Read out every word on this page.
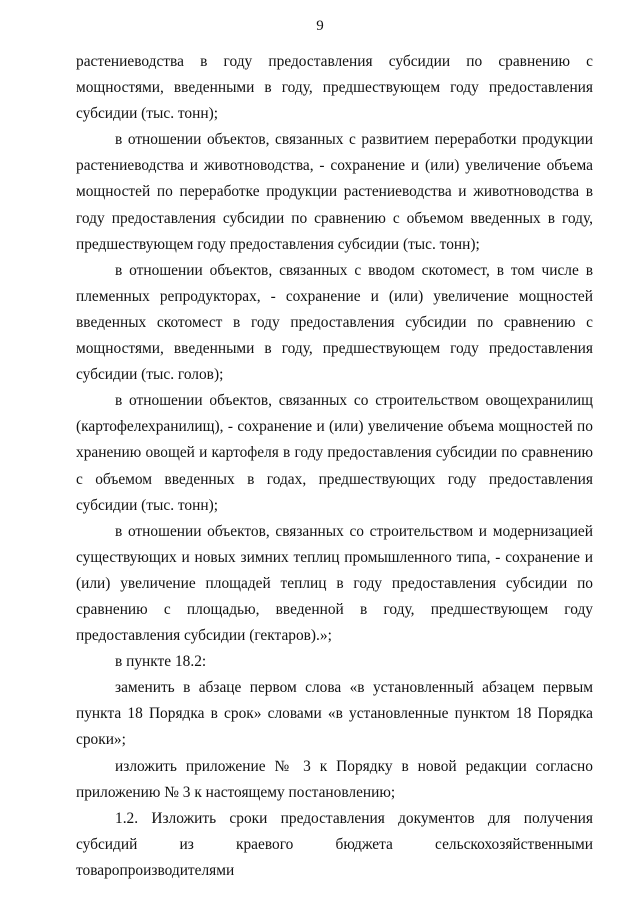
9

растениеводства в году предоставления субсидии по сравнению с мощностями, введенными в году, предшествующем году предоставления субсидии (тыс. тонн);

в отношении объектов, связанных с развитием переработки продукции растениеводства и животноводства, - сохранение и (или) увеличение объема мощностей по переработке продукции растениеводства и животноводства в году предоставления субсидии по сравнению с объемом введенных в году, предшествующем году предоставления субсидии (тыс. тонн);

в отношении объектов, связанных с вводом скотомест, в том числе в племенных репродукторах, - сохранение и (или) увеличение мощностей введенных скотомест в году предоставления субсидии по сравнению с мощностями, введенными в году, предшествующем году предоставления субсидии (тыс. голов);

в отношении объектов, связанных со строительством овощехранилищ (картофелехранилищ), - сохранение и (или) увеличение объема мощностей по хранению овощей и картофеля в году предоставления субсидии по сравнению с объемом введенных в годах, предшествующих году предоставления субсидии (тыс. тонн);

в отношении объектов, связанных со строительством и модернизацией существующих и новых зимних теплиц промышленного типа, - сохранение и (или) увеличение площадей теплиц в году предоставления субсидии по сравнению с площадью, введенной в году, предшествующем году предоставления субсидии (гектаров).»;

в пункте 18.2:

заменить в абзаце первом слова «в установленный абзацем первым пункта 18 Порядка в срок» словами «в установленные пунктом 18 Порядка сроки»;

изложить приложение № 3 к Порядку в новой редакции согласно приложению № 3 к настоящему постановлению;

1.2. Изложить сроки предоставления документов для получения субсидий из краевого бюджета сельскохозяйственными товаропроизводителями
